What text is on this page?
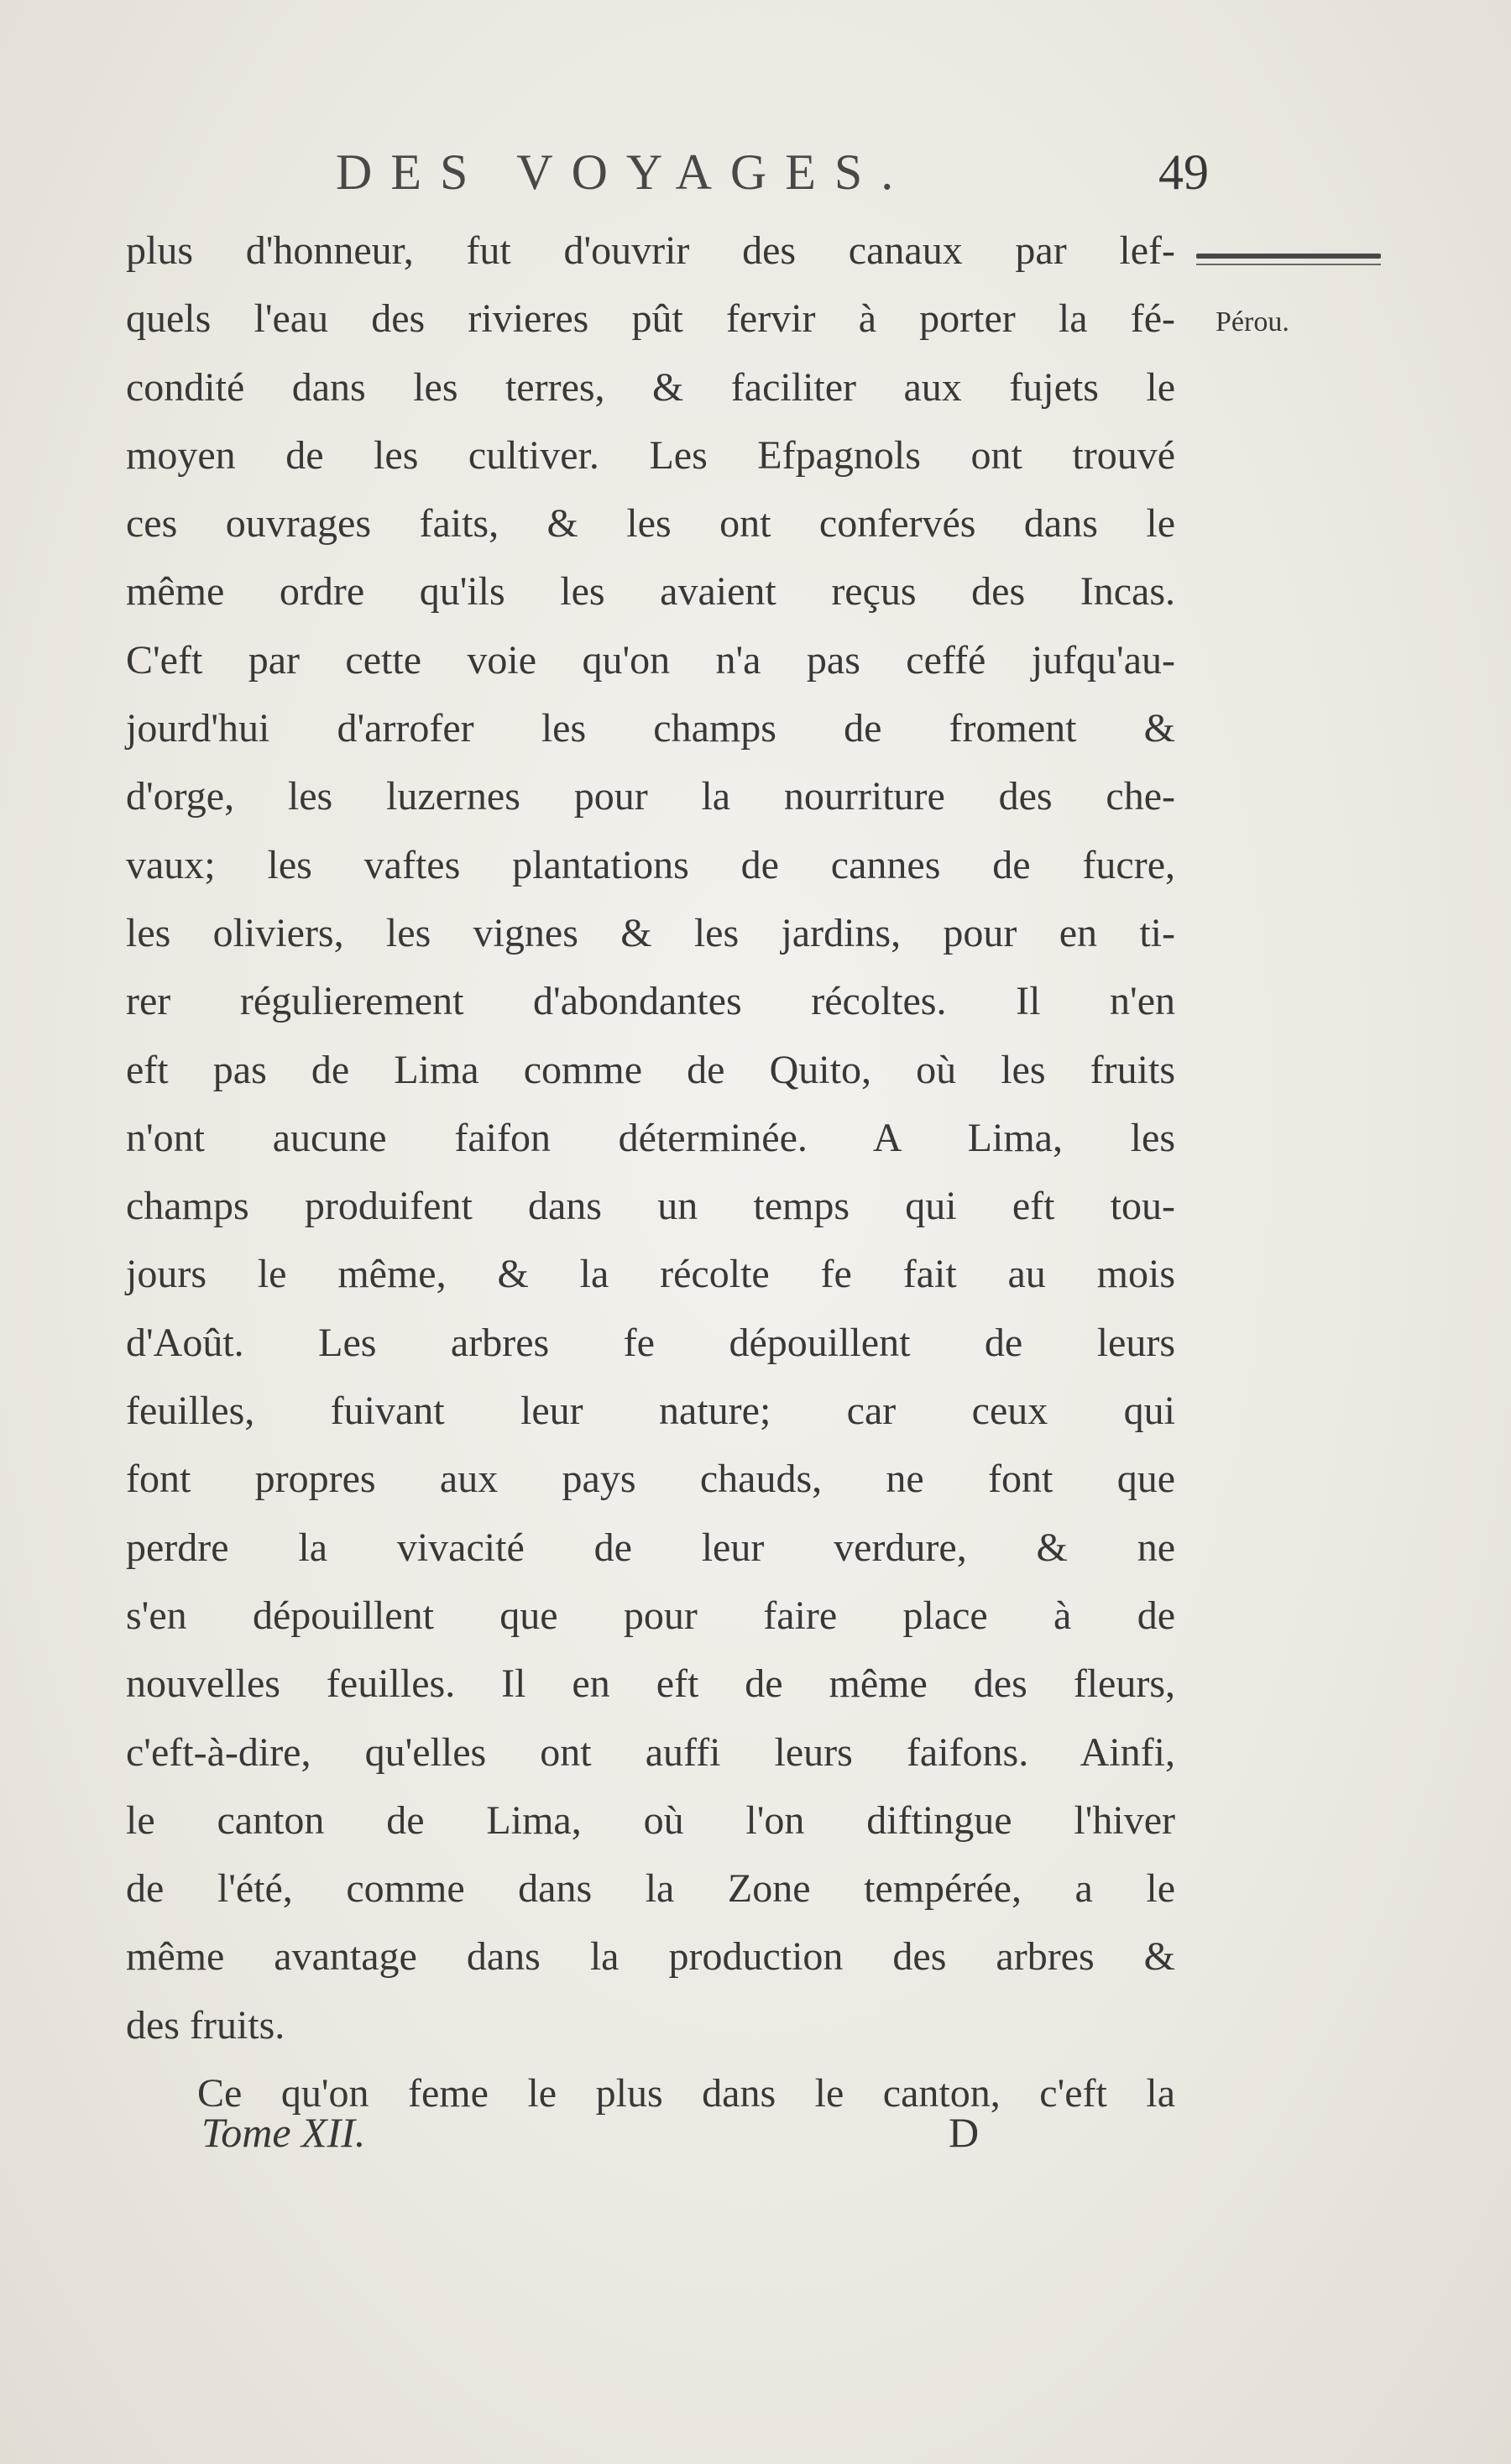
DES VOYAGES.	49
Pérou.
plus d'honneur, fut d'ouvrir des canaux par lef-
quels l'eau des rivieres pût fervir à porter la fé-
condité dans les terres, & faciliter aux fujets le
moyen de les cultiver. Les Efpagnols ont trouvé
ces ouvrages faits, & les ont confervés dans le
même ordre qu'ils les avaient reçus des Incas.
C'eft par cette voie qu'on n'a pas ceffé jufqu'au-
jourd'hui d'arrofer les champs de froment &
d'orge, les luzernes pour la nourriture des che-
vaux; les vaftes plantations de cannes de fucre,
les oliviers, les vignes & les jardins, pour en ti-
rer régulierement d'abondantes récoltes. Il n'en
eft pas de Lima comme de Quito, où les fruits
n'ont aucune faifon déterminée. A Lima, les
champs produifent dans un temps qui eft tou-
jours le même, & la récolte fe fait au mois
d'Août. Les arbres fe dépouillent de leurs
feuilles, fuivant leur nature; car ceux qui
font propres aux pays chauds, ne font que
perdre la vivacité de leur verdure, & ne
s'en dépouillent que pour faire place à de
nouvelles feuilles. Il en eft de même des fleurs,
c'eft-à-dire, qu'elles ont auffi leurs faifons. Ainfi,
le canton de Lima, où l'on diftingue l'hiver
de l'été, comme dans la Zone tempérée, a le
même avantage dans la production des arbres &
des fruits.
Ce qu'on feme le plus dans le canton, c'eft la
Tome XII.	D
